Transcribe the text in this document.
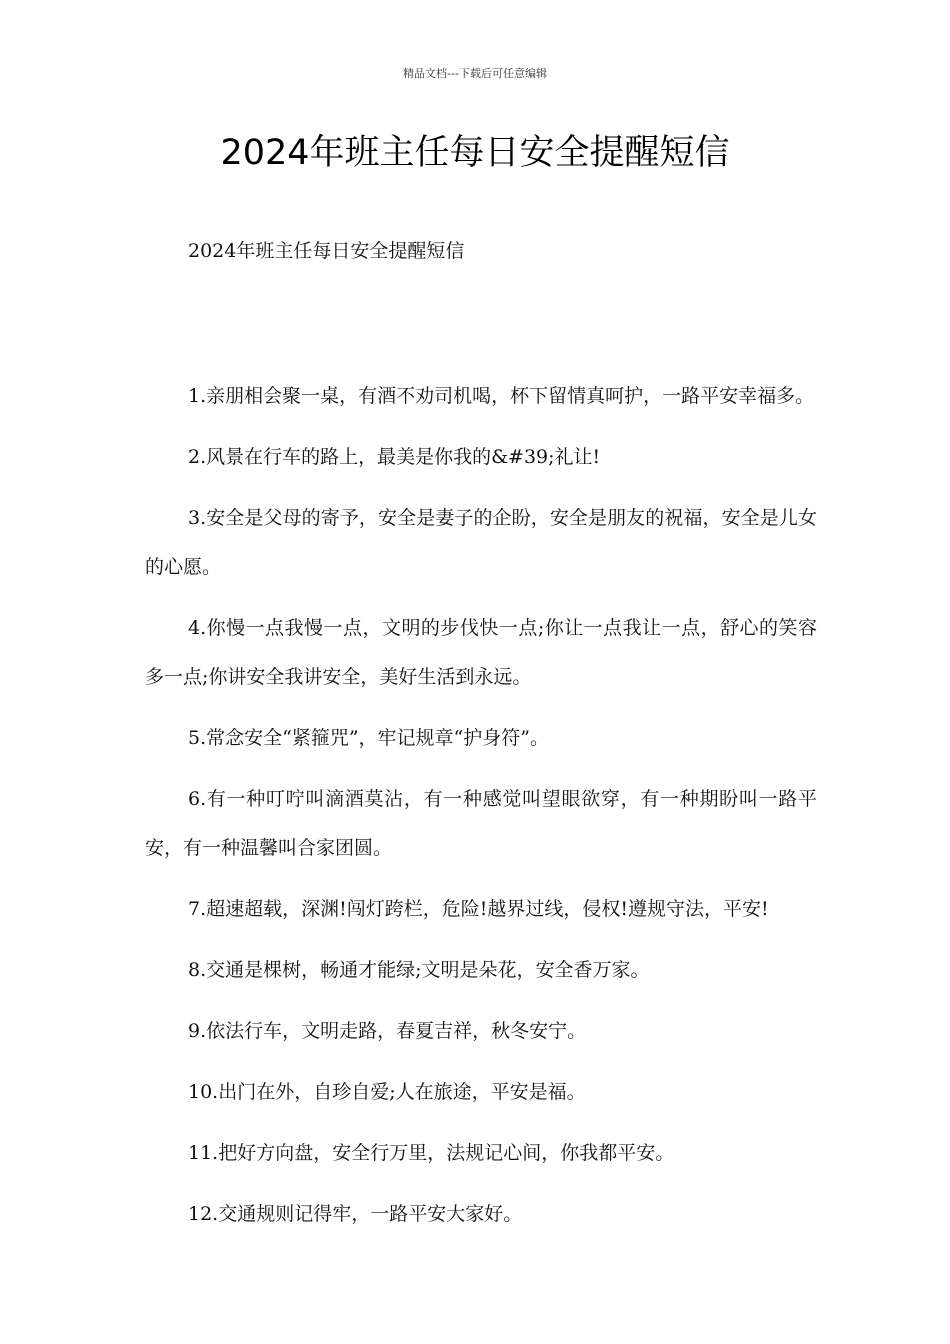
精品文档---下载后可任意编辑
2024年班主任每日安全提醒短信

2024年班主任每日安全提醒短信

1.亲朋相会聚一桌，有酒不劝司机喝，杯下留情真呵护，一路平安幸福多。

2.风景在行车的路上，最美是你我的&#39;礼让!

3.安全是父母的寄予，安全是妻子的企盼，安全是朋友的祝福，安全是儿女的心愿。

4.你慢一点我慢一点，文明的步伐快一点;你让一点我让一点，舒心的笑容多一点;你讲安全我讲安全，美好生活到永远。

5.常念安全“紧箍咒”，牢记规章“护身符”。

6.有一种叮咛叫滴酒莫沾，有一种感觉叫望眼欲穿，有一种期盼叫一路平安，有一种温馨叫合家团圆。

7.超速超载，深渊!闯灯跨栏，危险!越界过线，侵权!遵规守法，平安!

8.交通是棵树，畅通才能绿;文明是朵花，安全香万家。

9.依法行车，文明走路，春夏吉祥，秋冬安宁。

10.出门在外，自珍自爱;人在旅途，平安是福。

11.把好方向盘，安全行万里，法规记心间，你我都平安。

12.交通规则记得牢，一路平安大家好。
